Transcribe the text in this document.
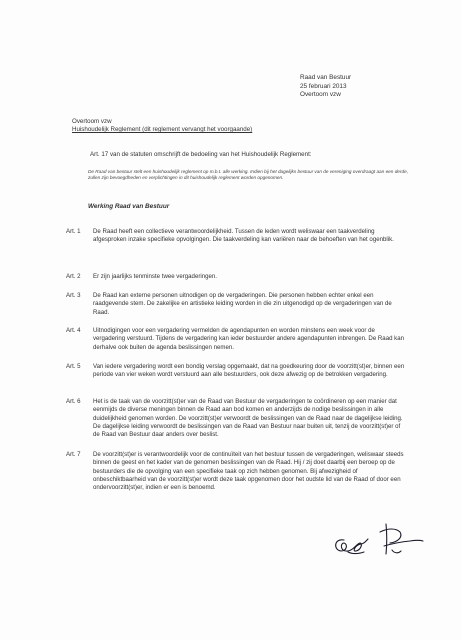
Raad van Bestuur
25 februari 2013
Overtoom vzw
Overtoom vzw
Huishoudelijk Reglement (dit reglement vervangt het voorgaande)
Art. 17 van de statuten omschrijft de bedoeling van het Huishoudelijk Reglement:
De Raad van bestuur stelt een huishoudelijk reglement op m.b.t. alle werking. Indien bij het dagelijks bestuur van de vereniging overdraagt aan een derde, zullen zijn bevoegdheden en verplichtingen in dit huishoudelijk reglement worden opgenomen.
Werking Raad van Bestuur
Art. 1	De Raad heeft een collectieve verantwoordelijkheid. Tussen de leden wordt weliswaar een taakverdeling afgesproken inzake specifieke opvolgingen. Die taakverdeling kan variëren naar de behoeften van het ogenblik.
Art. 2	Er zijn jaarlijks tenminste twee vergaderingen.
Art. 3	De Raad kan externe personen uitnodigen op de vergaderingen. Die personen hebben echter enkel een raadgevende stem. De zakelijke en artistieke leiding worden in die zin uitgenodigd op de vergaderingen van de Raad.
Art. 4	Uitnodigingen voor een vergadering vermelden de agendapunten en worden minstens een week voor de vergadering verstuurd. Tijdens de vergadering kan ieder bestuurder andere agendapunten inbrengen. De Raad kan derhalve ook buiten de agenda beslissingen nemen.
Art. 5	Van iedere vergadering wordt een bondig verslag opgemaakt, dat na goedkeuring door de voorzitt(st)er, binnen een periode van vier weken wordt verstuurd aan alle bestuurders, ook deze afwezig op de betrokken vergadering.
Art. 6	Het is de taak van de voorzitt(st)er van de Raad van Bestuur de vergaderingen te coördineren op een manier dat eenmijds de diverse meningen binnen de Raad aan bod komen en anderzijds de nodige beslissingen in alle duidelijkheid genomen worden. De voorzitt(st)er verwoordt de beslissingen van de Raad naar de dagelijkse leiding. De dagelijkse leiding verwoordt de beslissingen van de Raad van Bestuur naar buiten uit, tenzij de voorzitt(st)er of de Raad van Bestuur daar anders over beslist.
Art. 7	De voorzitt(st)er is verantwoordelijk voor de continuïteit van het bestuur tussen de vergaderingen, weliswaar steeds binnen de geest en het kader van de genomen beslissingen van de Raad. Hij / zij doet daarbij een beroep op de bestuurders die de opvolging van een specifieke taak op zich hebben genomen. Bij afwezigheid of onbeschiktbaarheid van de voorzitt(st)er wordt deze taak opgenomen door het oudste lid van de Raad of door een ondervoorzitt(st)er, indien er een is benoemd.
